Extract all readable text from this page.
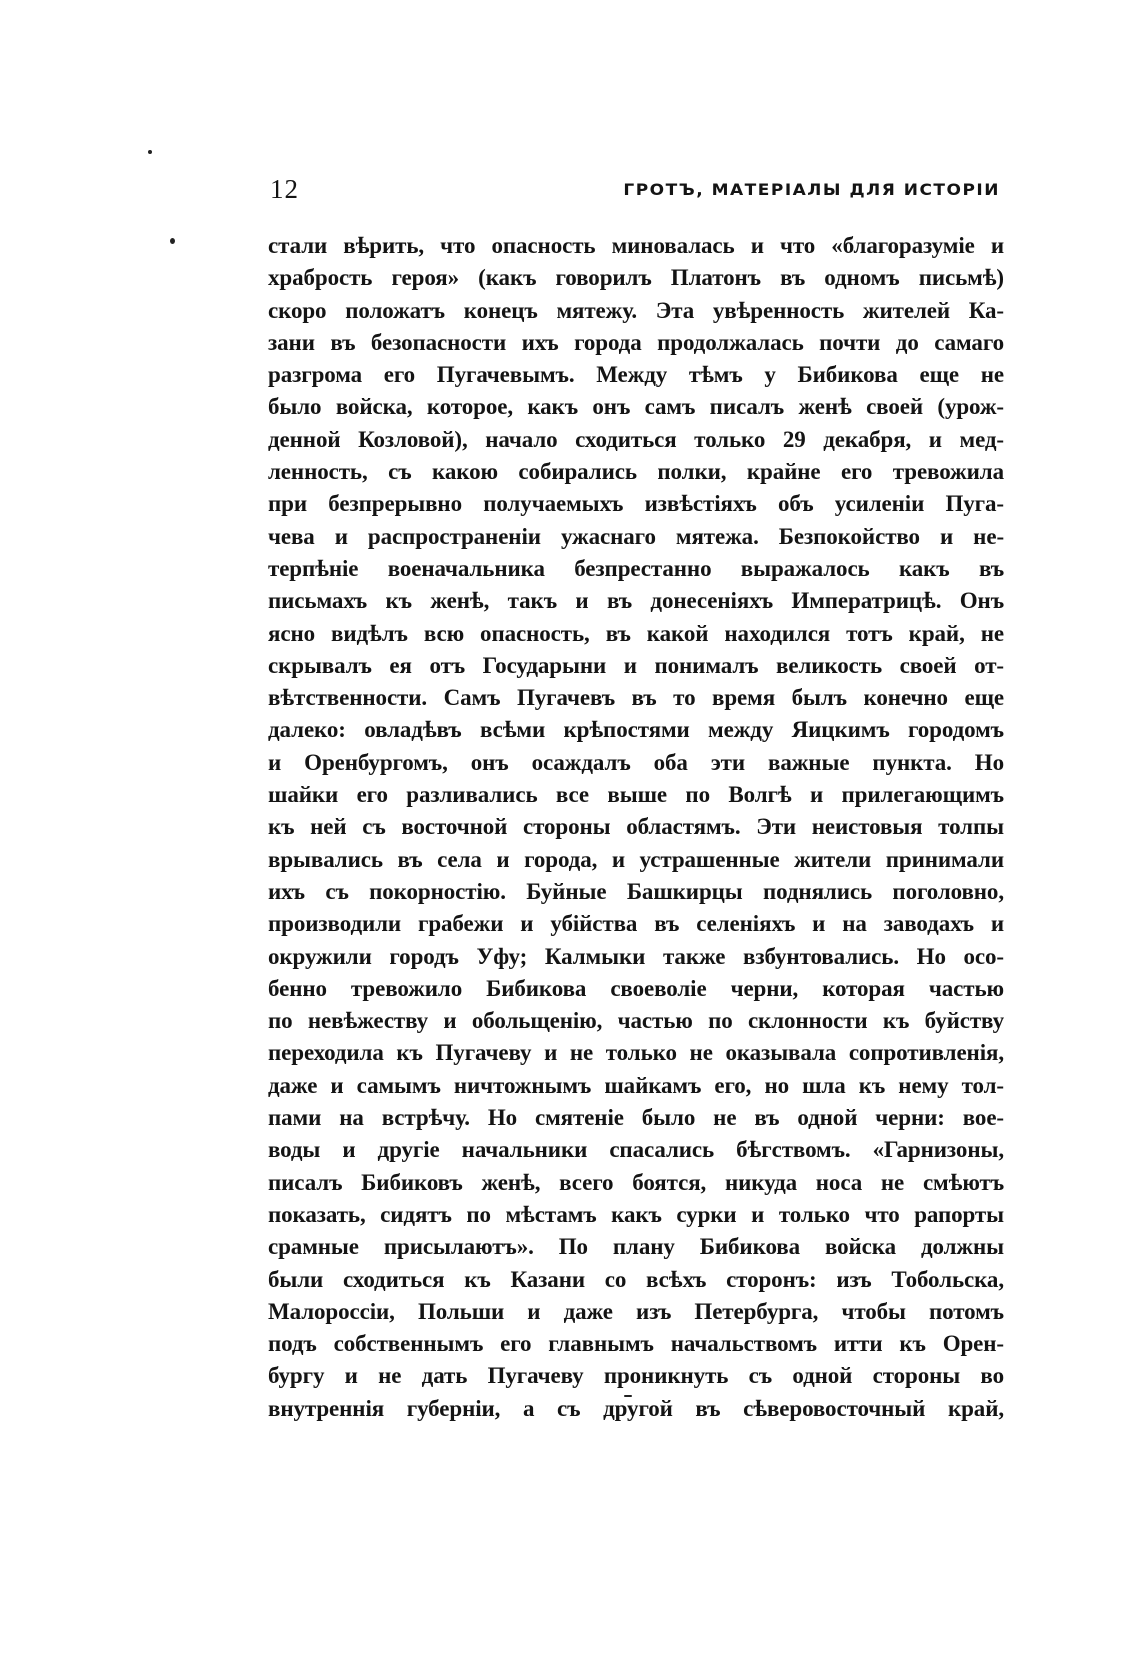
12	ГРОТЪ, МАТЕРІАЛЫ ДЛЯ ИСТОРІИ
стали вѣрить, что опасность миновалась и что «благоразуміе и
храбрость героя» (какъ говорилъ Платонъ въ одномъ письмѣ)
скоро положатъ конецъ мятежу. Эта увѣренность жителей Ка-
зани въ безопасности ихъ города продолжалась почти до самаго
разгрома его Пугачевымъ. Между тѣмъ у Бибикова еще не
было войска, которое, какъ онъ самъ писалъ женѣ своей (урож-
денной Козловой), начало сходиться только 29 декабря, и мед-
ленность, съ какою собирались полки, крайне его тревожила
при безпрерывно получаемыхъ извѣстіяхъ объ усиленіи Пуга-
чева и распространеніи ужаснаго мятежа. Безпокойство и не-
терпѣніе военачальника безпрестанно выражалось какъ въ
письмахъ къ женѣ, такъ и въ донесеніяхъ Императрицѣ. Онъ
ясно видѣлъ всю опасность, въ какой находился тотъ край, не
скрывалъ ея отъ Государыни и понималъ великость своей от-
вѣтственности. Самъ Пугачевъ въ то время былъ конечно еще
далеко: овладѣвъ всѣми крѣпостями между Яицкимъ городомъ
и Оренбургомъ, онъ осаждалъ оба эти важные пункта. Но
шайки его разливались все выше по Волгѣ и прилегающимъ
къ ней съ восточной стороны областямъ. Эти неистовыя толпы
врывались въ села и города, и устрашенные жители принимали
ихъ съ покорностію. Буйные Башкирцы поднялись поголовно,
производили грабежи и убійства въ селеніяхъ и на заводахъ и
окружили городъ Уфу; Калмыки также взбунтовались. Но осо-
бенно тревожило Бибикова своеволіе черни, которая частью
по невѣжеству и обольщенію, частью по склонности къ буйству
переходила къ Пугачеву и не только не оказывала сопротивленія,
даже и самымъ ничтожнымъ шайкамъ его, но шла къ нему тол-
пами на встрѣчу. Но смятеніе было не въ одной черни: вое-
воды и другіе начальники спасались бѣгствомъ. «Гарнизоны,
писалъ Бибиковъ женѣ, всего боятся, никуда носа не смѣютъ
показать, сидятъ по мѣстамъ какъ сурки и только что рапорты
срамные присылаютъ». По плану Бибикова войска должны
были сходиться къ Казани со всѣхъ сторонъ: изъ Тобольска,
Малороссіи, Польши и даже изъ Петербурга, чтобы потомъ
подъ собственнымъ его главнымъ начальствомъ итти къ Орен-
бургу и не дать Пугачеву проникнуть съ одной стороны во
внутреннія губерніи, а съ другой въ сѣверовосточный край,
